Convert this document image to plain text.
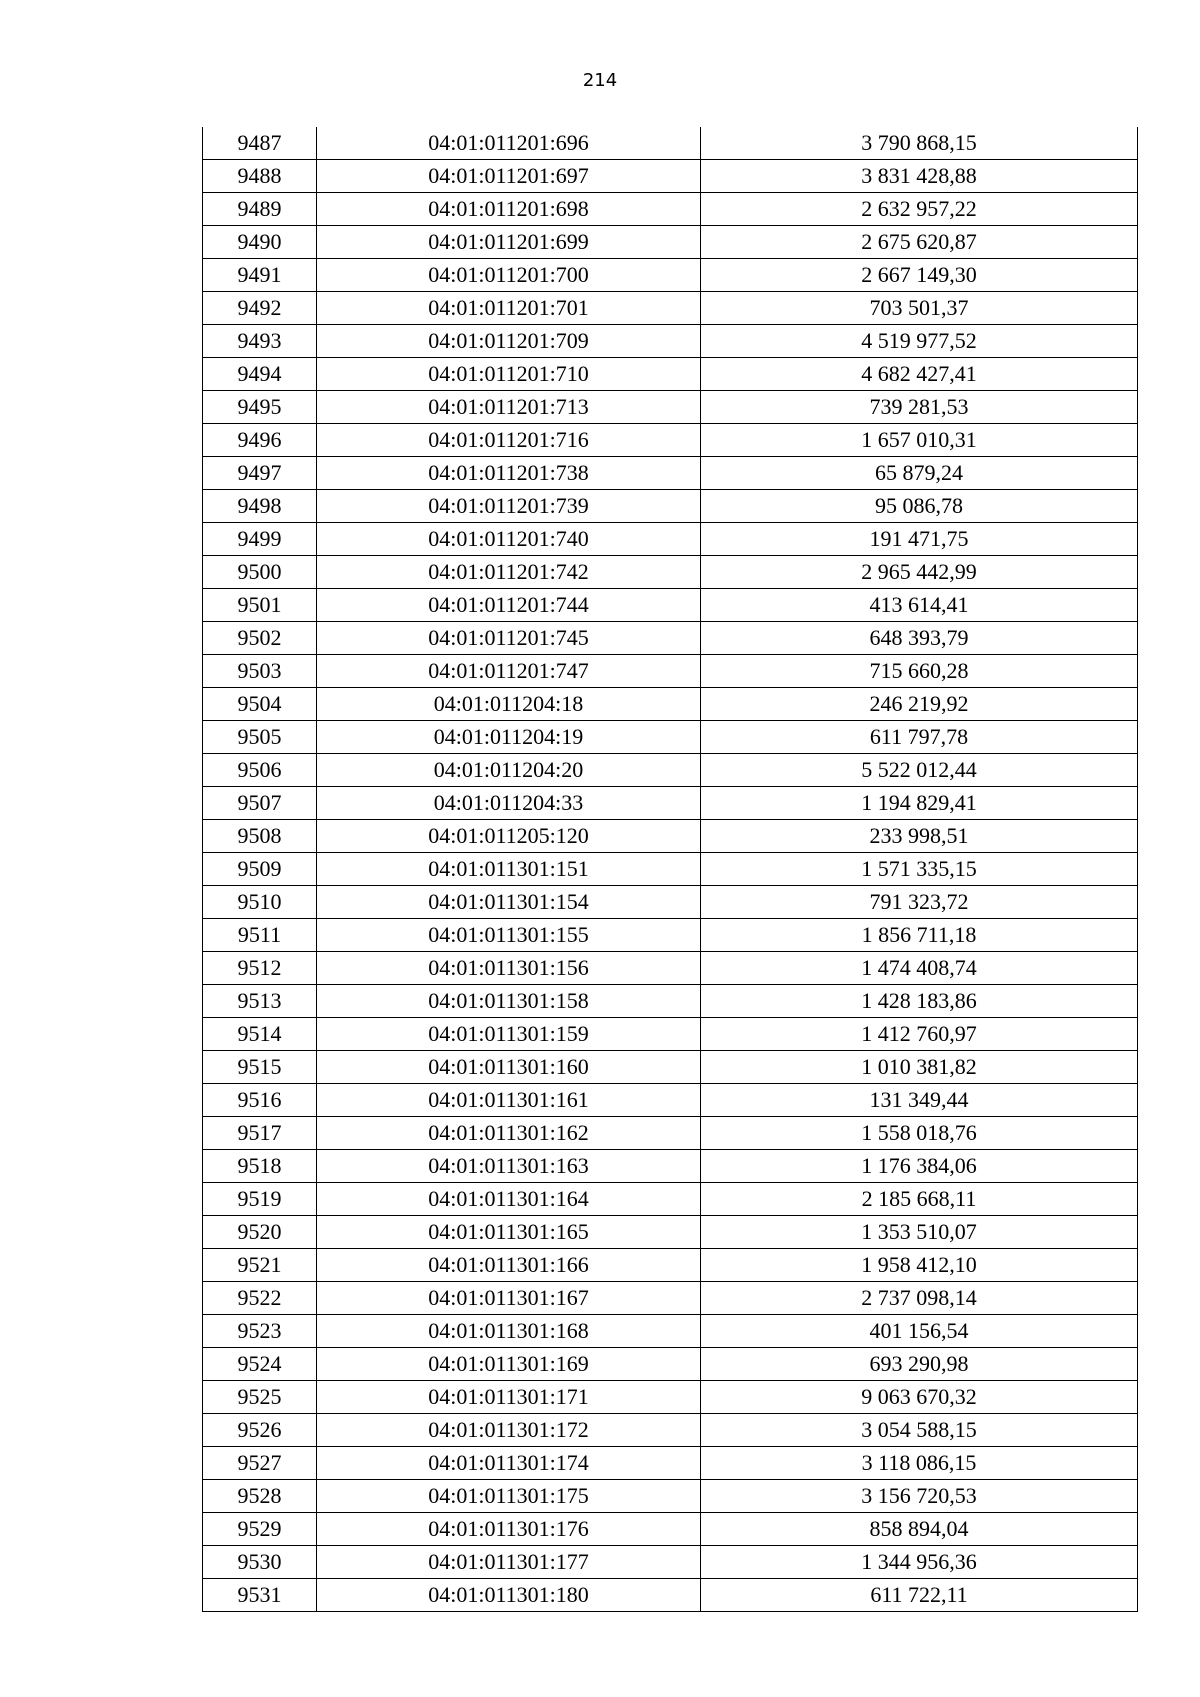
214
9487	04:01:011201:696	3 790 868,15
9488	04:01:011201:697	3 831 428,88
9489	04:01:011201:698	2 632 957,22
9490	04:01:011201:699	2 675 620,87
9491	04:01:011201:700	2 667 149,30
9492	04:01:011201:701	703 501,37
9493	04:01:011201:709	4 519 977,52
9494	04:01:011201:710	4 682 427,41
9495	04:01:011201:713	739 281,53
9496	04:01:011201:716	1 657 010,31
9497	04:01:011201:738	65 879,24
9498	04:01:011201:739	95 086,78
9499	04:01:011201:740	191 471,75
9500	04:01:011201:742	2 965 442,99
9501	04:01:011201:744	413 614,41
9502	04:01:011201:745	648 393,79
9503	04:01:011201:747	715 660,28
9504	04:01:011204:18	246 219,92
9505	04:01:011204:19	611 797,78
9506	04:01:011204:20	5 522 012,44
9507	04:01:011204:33	1 194 829,41
9508	04:01:011205:120	233 998,51
9509	04:01:011301:151	1 571 335,15
9510	04:01:011301:154	791 323,72
9511	04:01:011301:155	1 856 711,18
9512	04:01:011301:156	1 474 408,74
9513	04:01:011301:158	1 428 183,86
9514	04:01:011301:159	1 412 760,97
9515	04:01:011301:160	1 010 381,82
9516	04:01:011301:161	131 349,44
9517	04:01:011301:162	1 558 018,76
9518	04:01:011301:163	1 176 384,06
9519	04:01:011301:164	2 185 668,11
9520	04:01:011301:165	1 353 510,07
9521	04:01:011301:166	1 958 412,10
9522	04:01:011301:167	2 737 098,14
9523	04:01:011301:168	401 156,54
9524	04:01:011301:169	693 290,98
9525	04:01:011301:171	9 063 670,32
9526	04:01:011301:172	3 054 588,15
9527	04:01:011301:174	3 118 086,15
9528	04:01:011301:175	3 156 720,53
9529	04:01:011301:176	858 894,04
9530	04:01:011301:177	1 344 956,36
9531	04:01:011301:180	611 722,11
